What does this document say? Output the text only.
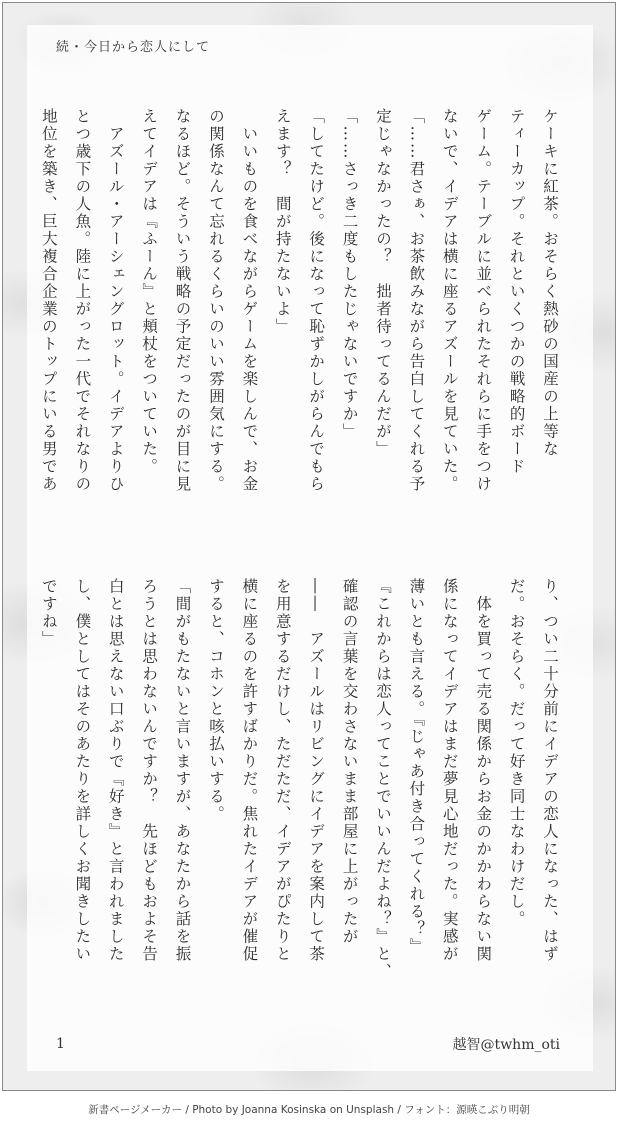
続・今日から恋人にして
ケーキに紅茶。おそらく熱砂の国産の上等な
ティーカップ。それといくつかの戦略的ボード
ゲーム。テーブルに並べられたそれらに手をつけ
ないで、イデアは横に座るアズールを見ていた。
「……君さぁ、お茶飲みながら告白してくれる予
定じゃなかったの？　拙者待ってるんだが」
「……さっき二度もしたじゃないですか」
「してたけど。後になって恥ずかしがらんでもら
えます？　間が持たないよ」
　いいものを食べながらゲームを楽しんで、お金
の関係なんて忘れるくらいのいい雰囲気にする。
なるほど。そういう戦略の予定だったのが目に見
えてイデアは『ふーん』と頬杖をついていた。
　アズール・アーシェングロット。イデアよりひ
とつ歳下の人魚。陸に上がった一代でそれなりの
地位を築き、巨大複合企業のトップにいる男であ
り、つい二十分前にイデアの恋人になった、はず
だ。おそらく。だって好き同士なわけだし。
　体を買って売る関係からお金のかかわらない関
係になってイデアはまだ夢見心地だった。実感が
薄いとも言える。『じゃあ付き合ってくれる？』
『これからは恋人ってことでいいんだよね？』と、
確認の言葉を交わさないまま部屋に上がったが
――　アズールはリビングにイデアを案内して茶
を用意するだけし、ただただ、イデアがぴたりと
横に座るのを許すばかりだ。焦れたイデアが催促
すると、コホンと咳払いする。
「間がもたないと言いますが、あなたから話を振
ろうとは思わないんですか？　先ほどもおよそ告
白とは思えない口ぶりで『好き』と言われました
し、僕としてはそのあたりを詳しくお聞きしたい
ですね」
1	越智@twhm_oti
新書ページメーカー / Photo by Joanna Kosinska on Unsplash / フォント：源暎こぶり明朝
